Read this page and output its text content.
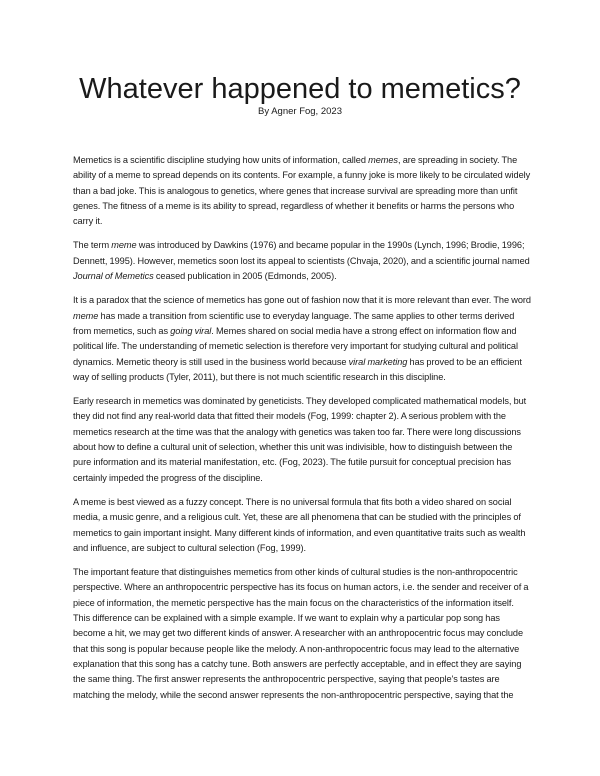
Whatever happened to memetics?

By Agner Fog, 2023

Memetics is a scientific discipline studying how units of information, called memes, are spreading in society. The ability of a meme to spread depends on its contents. For example, a funny joke is more likely to be circulated widely than a bad joke. This is analogous to genetics, where genes that increase survival are spreading more than unfit genes. The fitness of a meme is its ability to spread, regardless of whether it benefits or harms the persons who carry it.

The term meme was introduced by Dawkins (1976) and became popular in the 1990s (Lynch, 1996; Brodie, 1996; Dennett, 1995). However, memetics soon lost its appeal to scientists (Chvaja, 2020), and a scientific journal named Journal of Memetics ceased publication in 2005 (Edmonds, 2005).

It is a paradox that the science of memetics has gone out of fashion now that it is more relevant than ever. The word meme has made a transition from scientific use to everyday language. The same applies to other terms derived from memetics, such as going viral. Memes shared on social media have a strong effect on information flow and political life. The understanding of memetic selection is therefore very important for studying cultural and political dynamics. Memetic theory is still used in the business world because viral marketing has proved to be an efficient way of selling products (Tyler, 2011), but there is not much scientific research in this discipline.

Early research in memetics was dominated by geneticists. They developed complicated mathematical models, but they did not find any real-world data that fitted their models (Fog, 1999: chapter 2). A serious problem with the memetics research at the time was that the analogy with genetics was taken too far. There were long discussions about how to define a cultural unit of selection, whether this unit was indivisible, how to distinguish between the pure information and its material manifestation, etc. (Fog, 2023). The futile pursuit for conceptual precision has certainly impeded the progress of the discipline.

A meme is best viewed as a fuzzy concept. There is no universal formula that fits both a video shared on social media, a music genre, and a religious cult. Yet, these are all phenomena that can be studied with the principles of memetics to gain important insight. Many different kinds of information, and even quantitative traits such as wealth and influence, are subject to cultural selection (Fog, 1999).

The important feature that distinguishes memetics from other kinds of cultural studies is the non-anthropocentric perspective. Where an anthropocentric perspective has its focus on human actors, i.e. the sender and receiver of a piece of information, the memetic perspective has the main focus on the characteristics of the information itself. This difference can be explained with a simple example. If we want to explain why a particular pop song has become a hit, we may get two different kinds of answer. A researcher with an anthropocentric focus may conclude that this song is popular because people like the melody. A non-anthropocentric focus may lead to the alternative explanation that this song has a catchy tune. Both answers are perfectly acceptable, and in effect they are saying the same thing. The first answer represents the anthropocentric perspective, saying that people's tastes are matching the melody, while the second answer represents the non-anthropocentric perspective, saying that the
